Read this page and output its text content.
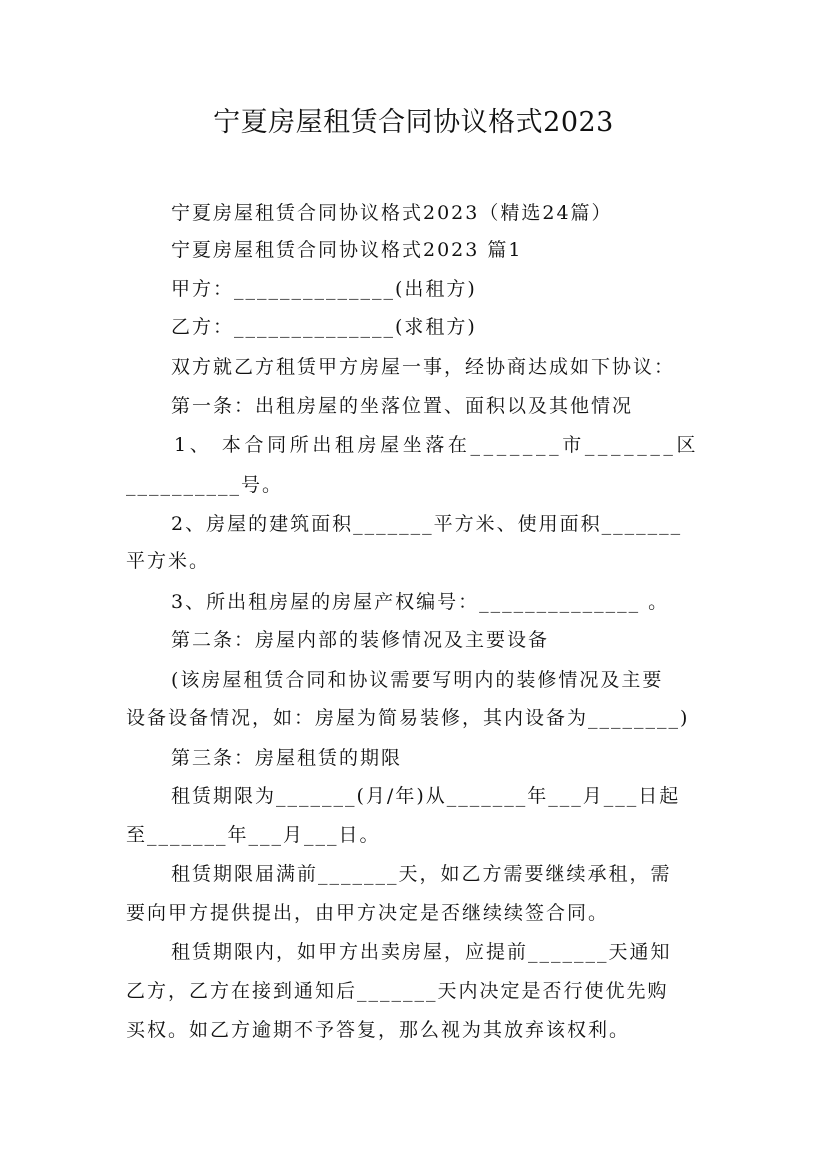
宁夏房屋租赁合同协议格式2023
宁夏房屋租赁合同协议格式2023（精选24篇）
宁夏房屋租赁合同协议格式2023 篇1
甲方：______________(出租方)
乙方：______________(求租方)
双方就乙方租赁甲方房屋一事，经协商达成如下协议：
第一条：出租房屋的坐落位置、面积以及其他情况
1、 本合同所出租房屋坐落在_______市_______区
__________号。
2、房屋的建筑面积_______平方米、使用面积_______
平方米。
3、所出租房屋的房屋产权编号：______________ 。
第二条：房屋内部的装修情况及主要设备
(该房屋租赁合同和协议需要写明内的装修情况及主要
设备设备情况，如：房屋为简易装修，其内设备为________)
第三条：房屋租赁的期限
租赁期限为_______(月/年)从_______年___月___日起
至_______年___月___日。
租赁期限届满前_______天，如乙方需要继续承租，需
要向甲方提供提出，由甲方决定是否继续续签合同。
租赁期限内，如甲方出卖房屋，应提前_______天通知
乙方，乙方在接到通知后_______天内决定是否行使优先购
买权。如乙方逾期不予答复，那么视为其放弃该权利。
